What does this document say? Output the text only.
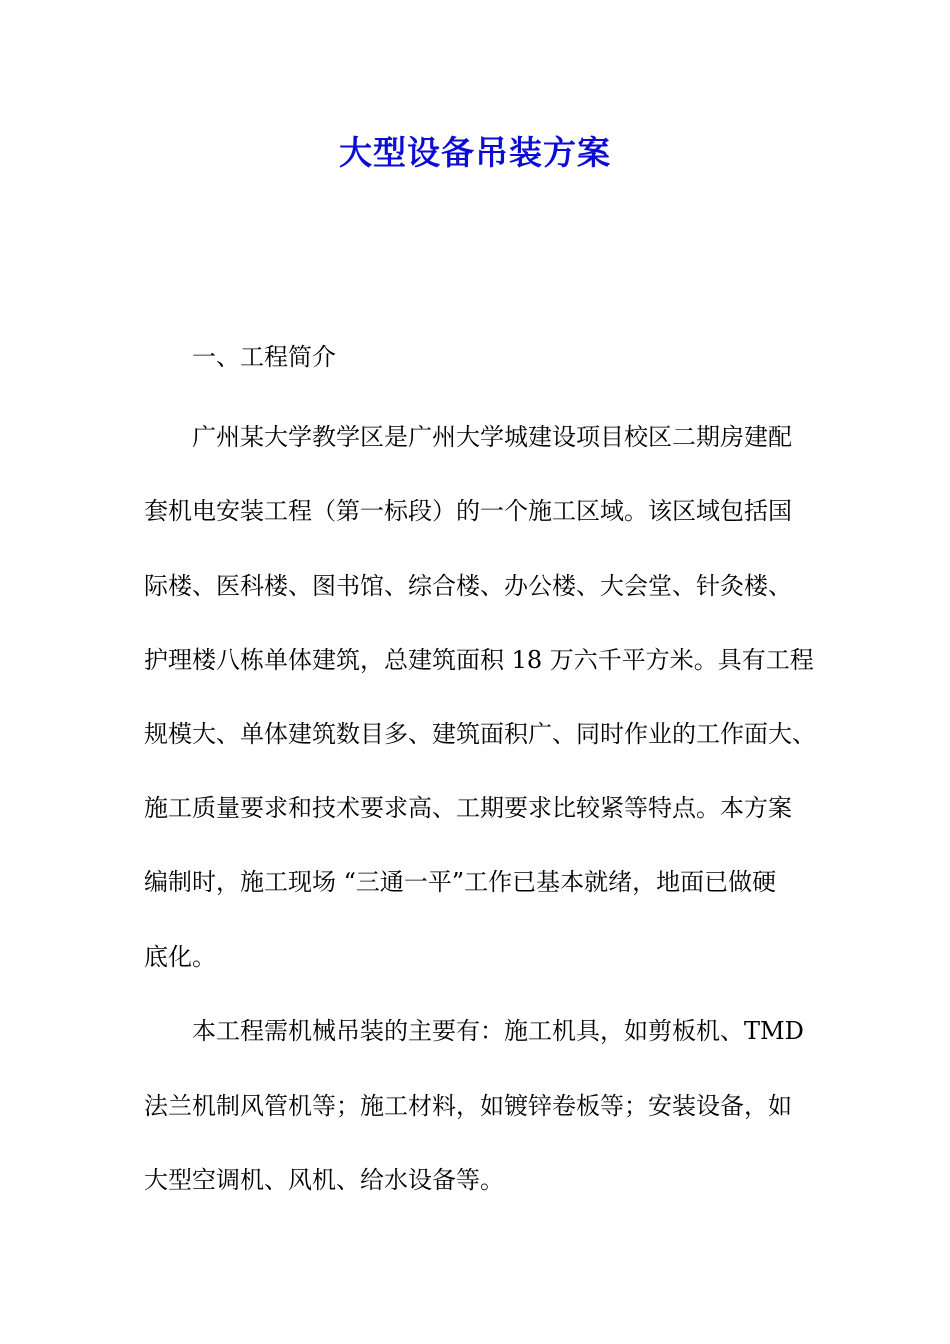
大型设备吊装方案
一、工程简介
广州某大学教学区是广州大学城建设项目校区二期房建配
套机电安装工程（第一标段）的一个施工区域。该区域包括国
际楼、医科楼、图书馆、综合楼、办公楼、大会堂、针灸楼、
护理楼八栋单体建筑，总建筑面积 18 万六千平方米。具有工程
规模大、单体建筑数目多、建筑面积广、同时作业的工作面大、
施工质量要求和技术要求高、工期要求比较紧等特点。本方案
编制时，施工现场 “三通一平”工作已基本就绪，地面已做硬
底化。
本工程需机械吊装的主要有：施工机具，如剪板机、TMD
法兰机制风管机等；施工材料，如镀锌卷板等；安装设备，如
大型空调机、风机、给水设备等。
